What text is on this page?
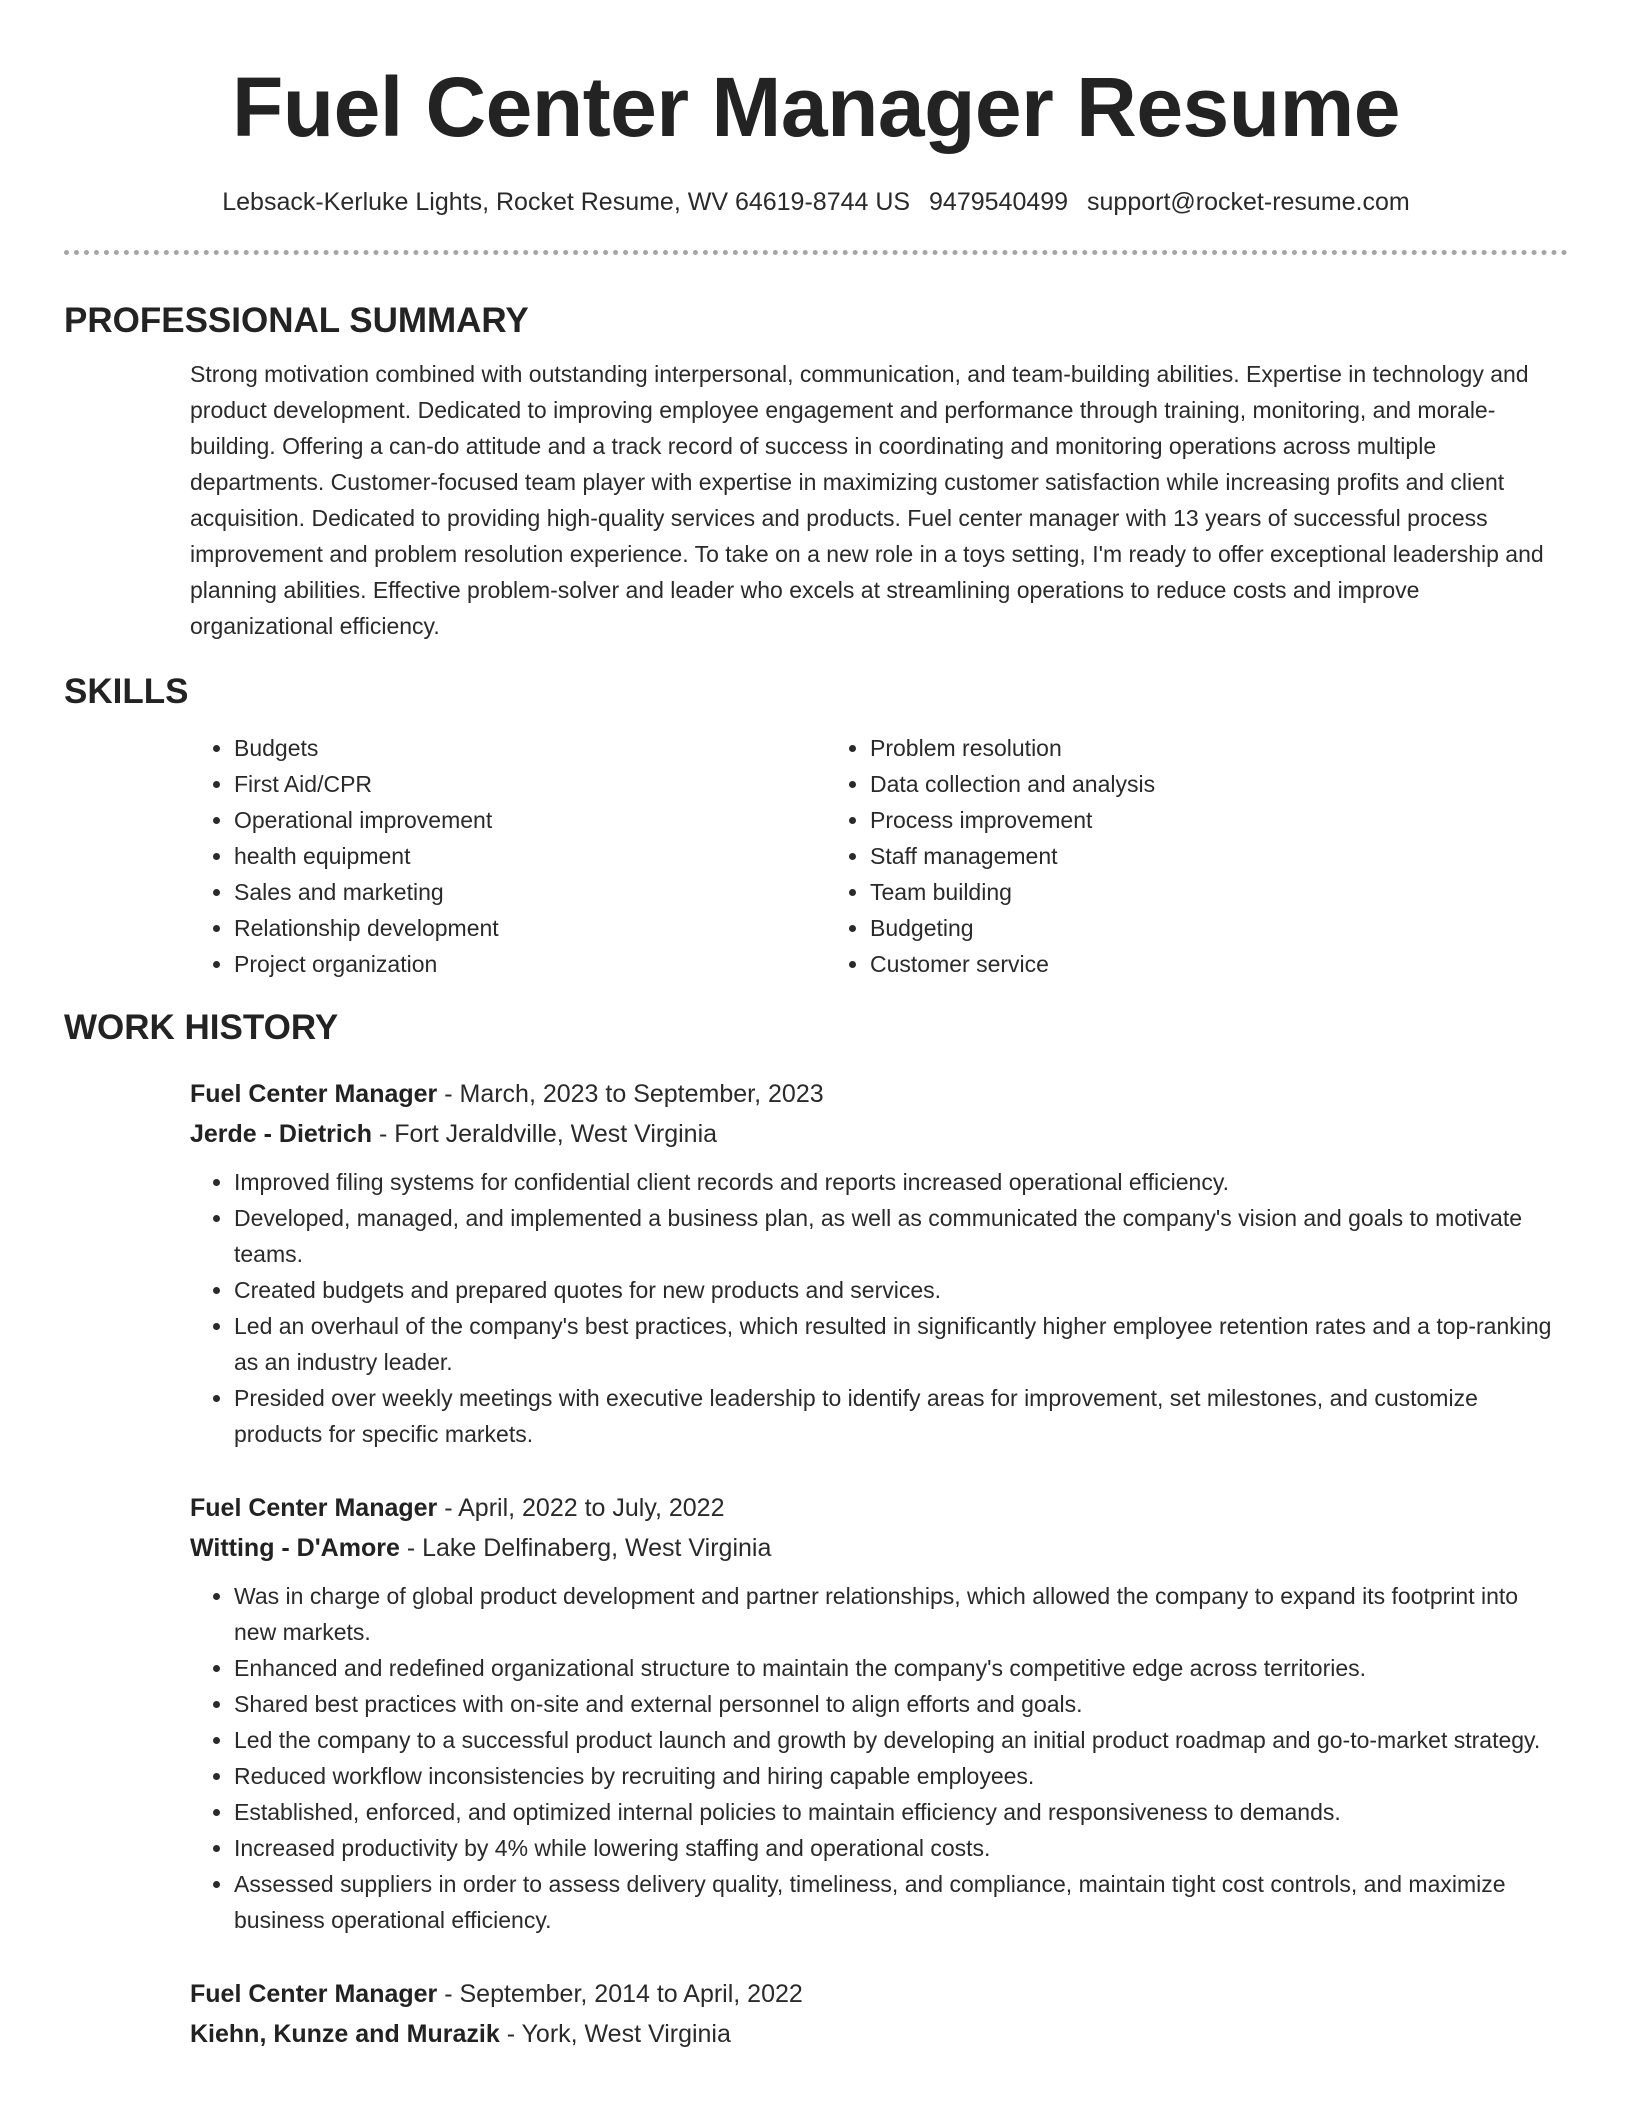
Fuel Center Manager Resume
Lebsack-Kerluke Lights, Rocket Resume, WV 64619-8744 US 9479540499 support@rocket-resume.com
PROFESSIONAL SUMMARY

Strong motivation combined with outstanding interpersonal, communication, and team-building abilities. Expertise in technology and product development. Dedicated to improving employee engagement and performance through training, monitoring, and morale-building. Offering a can-do attitude and a track record of success in coordinating and monitoring operations across multiple departments. Customer-focused team player with expertise in maximizing customer satisfaction while increasing profits and client acquisition. Dedicated to providing high-quality services and products. Fuel center manager with 13 years of successful process improvement and problem resolution experience. To take on a new role in a toys setting, I'm ready to offer exceptional leadership and planning abilities. Effective problem-solver and leader who excels at streamlining operations to reduce costs and improve organizational efficiency.

SKILLS
• Budgets
• First Aid/CPR
• Operational improvement
• health equipment
• Sales and marketing
• Relationship development
• Project organization
• Problem resolution
• Data collection and analysis
• Process improvement
• Staff management
• Team building
• Budgeting
• Customer service
WORK HISTORY
Fuel Center Manager - March, 2023 to September, 2023
Jerde - Dietrich - Fort Jeraldville, West Virginia
• Improved filing systems for confidential client records and reports increased operational efficiency.
• Developed, managed, and implemented a business plan, as well as communicated the company's vision and goals to motivate teams.
• Created budgets and prepared quotes for new products and services.
• Led an overhaul of the company's best practices, which resulted in significantly higher employee retention rates and a top-ranking as an industry leader.
• Presided over weekly meetings with executive leadership to identify areas for improvement, set milestones, and customize products for specific markets.
Fuel Center Manager - April, 2022 to July, 2022
Witting - D'Amore - Lake Delfinaberg, West Virginia
• Was in charge of global product development and partner relationships, which allowed the company to expand its footprint into new markets.
• Enhanced and redefined organizational structure to maintain the company's competitive edge across territories.
• Shared best practices with on-site and external personnel to align efforts and goals.
• Led the company to a successful product launch and growth by developing an initial product roadmap and go-to-market strategy.
• Reduced workflow inconsistencies by recruiting and hiring capable employees.
• Established, enforced, and optimized internal policies to maintain efficiency and responsiveness to demands.
• Increased productivity by 4% while lowering staffing and operational costs.
• Assessed suppliers in order to assess delivery quality, timeliness, and compliance, maintain tight cost controls, and maximize business operational efficiency.
Fuel Center Manager - September, 2014 to April, 2022
Kiehn, Kunze and Murazik - York, West Virginia
